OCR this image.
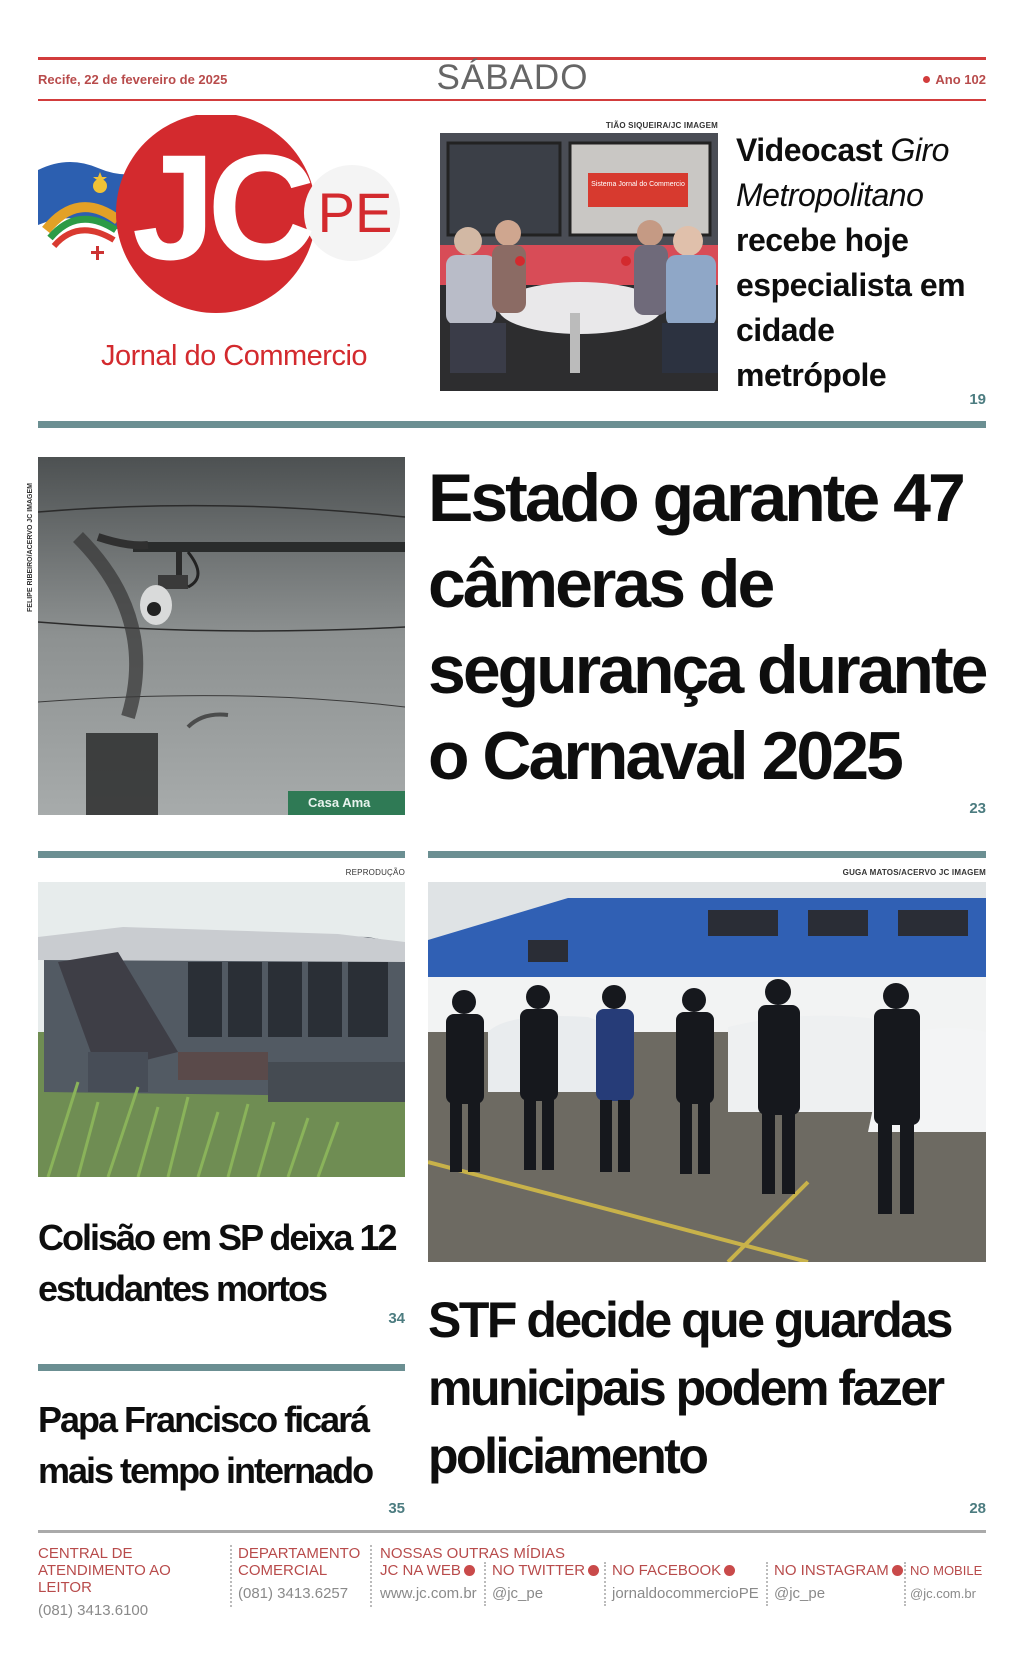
Recife, 22 de fevereiro de 2025	SÁBADO	Ano 102
JC PE
Jornal do Commercio
TIÃO SIQUEIRA/JC IMAGEM
Sistema Jornal do Commercio
Videocast Giro Metropolitano recebe hoje especialista em cidade metrópole
19
FELIPE RIBEIRO/ACERVO JC IMAGEM
Casa Ama
Estado garante 47 câmeras de segurança durante o Carnaval 2025
23
REPRODUÇÃO
Colisão em SP deixa 12 estudantes mortos
34
Papa Francisco ficará mais tempo internado
35
GUGA MATOS/ACERVO JC IMAGEM
STF decide que guardas municipais podem fazer policiamento
28
CENTRAL DE
ATENDIMENTO AO LEITOR
(081) 3413.6100
DEPARTAMENTO
COMERCIAL
(081) 3413.6257
NOSSAS OUTRAS MÍDIAS
JC NA WEB
www.jc.com.br
NO TWITTER
@jc_pe
NO FACEBOOK
jornaldocommercioPE
NO INSTAGRAM
@jc_pe
NO MOBILE
@jc.com.br
